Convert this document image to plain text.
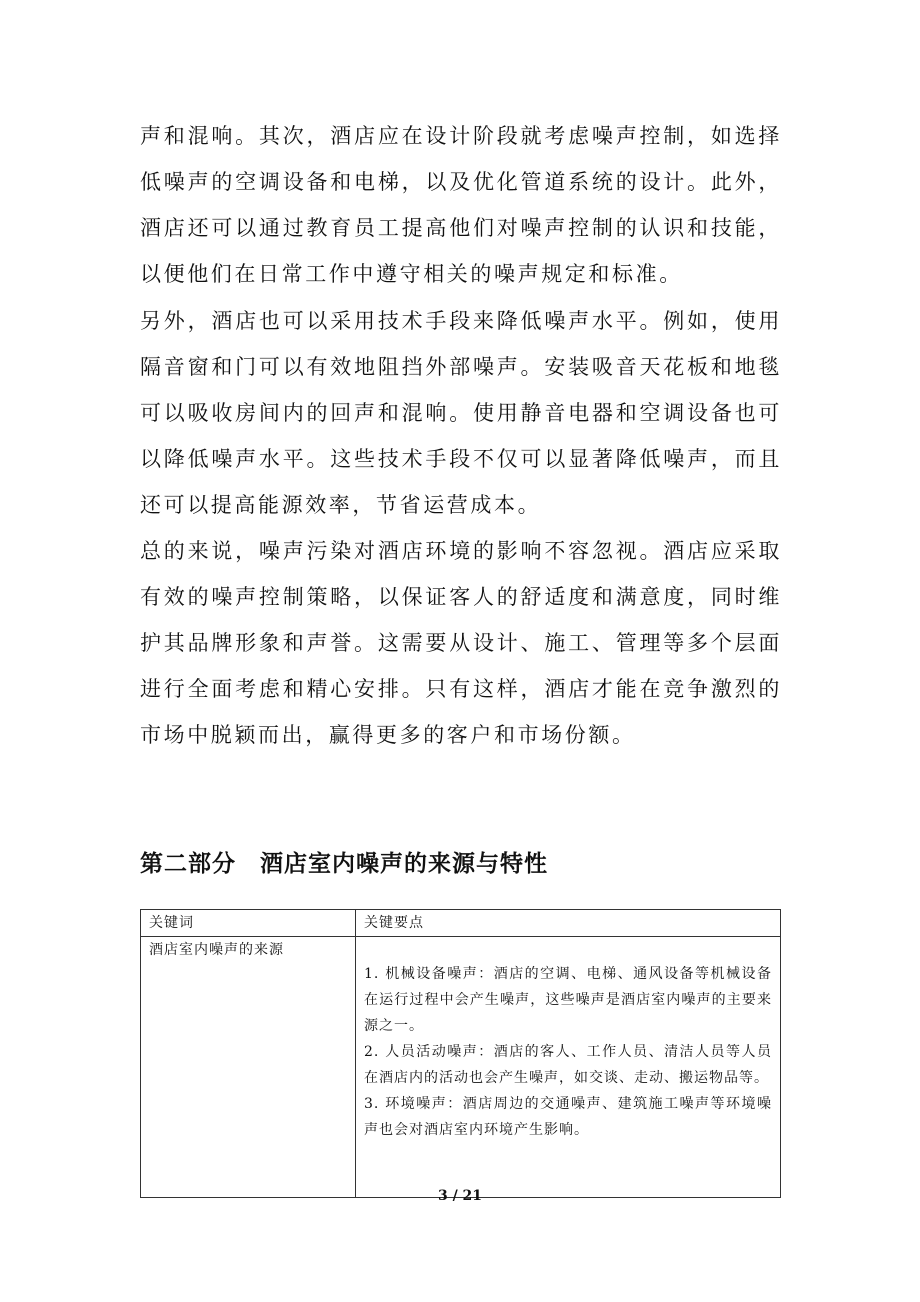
声和混响。其次，酒店应在设计阶段就考虑噪声控制，如选择低噪声的空调设备和电梯，以及优化管道系统的设计。此外，酒店还可以通过教育员工提高他们对噪声控制的认识和技能，以便他们在日常工作中遵守相关的噪声规定和标准。

另外，酒店也可以采用技术手段来降低噪声水平。例如，使用隔音窗和门可以有效地阻挡外部噪声。安装吸音天花板和地毯可以吸收房间内的回声和混响。使用静音电器和空调设备也可以降低噪声水平。这些技术手段不仅可以显著降低噪声，而且还可以提高能源效率，节省运营成本。

总的来说，噪声污染对酒店环境的影响不容忽视。酒店应采取有效的噪声控制策略，以保证客人的舒适度和满意度，同时维护其品牌形象和声誉。这需要从设计、施工、管理等多个层面进行全面考虑和精心安排。只有这样，酒店才能在竞争激烈的市场中脱颖而出，赢得更多的客户和市场份额。

第二部分　酒店室内噪声的来源与特性
关键词	关键要点
酒店室内噪声的来源	1. 机械设备噪声：酒店的空调、电梯、通风设备等机械设备在运行过程中会产生噪声，这些噪声是酒店室内噪声的主要来源之一。

2. 人员活动噪声：酒店的客人、工作人员、清洁人员等人员在酒店内的活动也会产生噪声，如交谈、走动、搬运物品等。

3. 环境噪声：酒店周边的交通噪声、建筑施工噪声等环境噪声也会对酒店室内环境产生影响。

3 / 21
